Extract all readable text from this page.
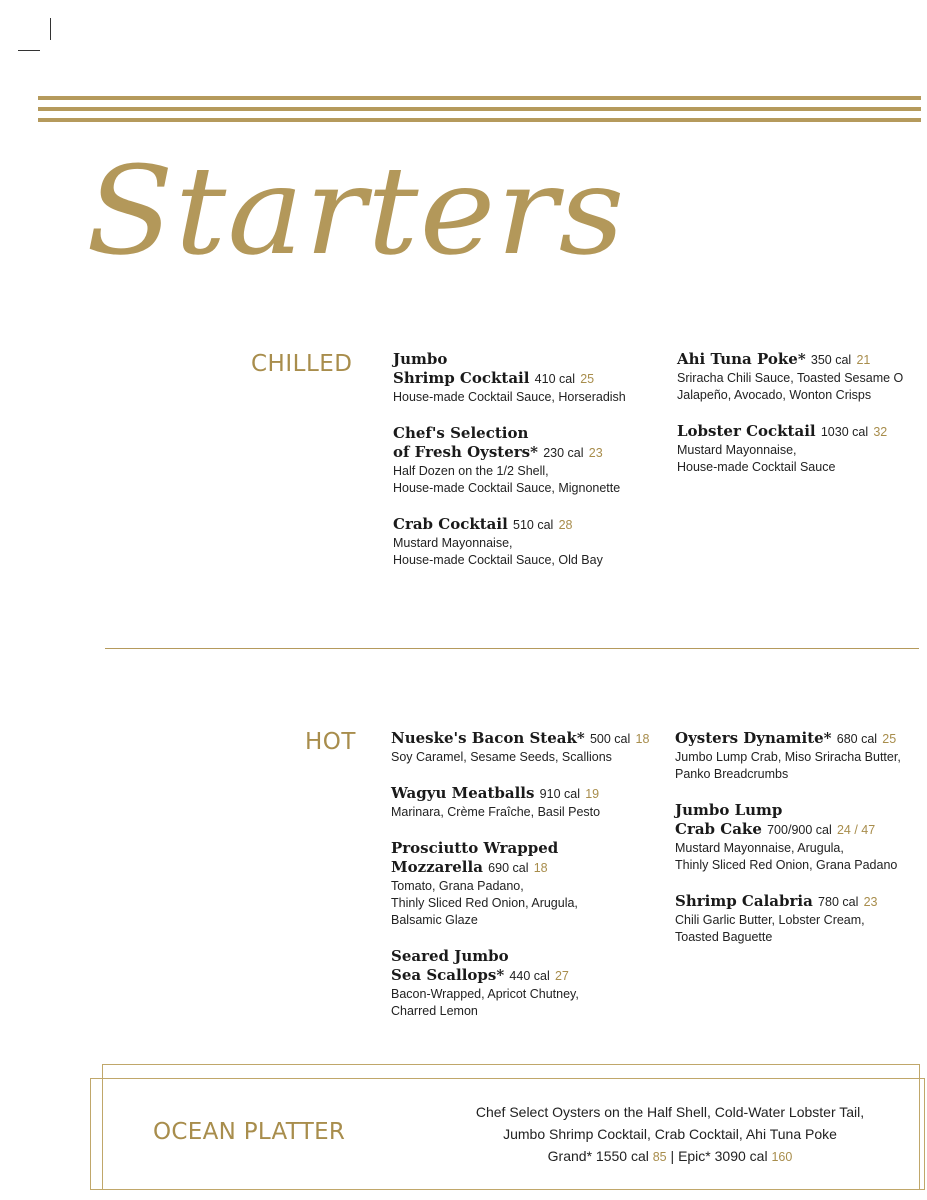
Starters
CHILLED	Jumbo
Shrimp Cocktail 410 cal 25
House-made Cocktail Sauce, Horseradish
Chef's Selection
of Fresh Oysters* 230 cal 23
Half Dozen on the 1/2 Shell,
House-made Cocktail Sauce, Mignonette
Crab Cocktail 510 cal 28
Mustard Mayonnaise,
House-made Cocktail Sauce, Old Bay
Ahi Tuna Poke* 350 cal 21
Sriracha Chili Sauce, Toasted Sesame O
Jalapeño, Avocado, Wonton Crisps
Lobster Cocktail 1030 cal 32
Mustard Mayonnaise,
House-made Cocktail Sauce
HOT Nueske's Bacon Steak* 500 cal 18
Soy Caramel, Sesame Seeds, Scallions
Wagyu Meatballs 910 cal 19
Marinara, Crème Fraîche, Basil Pesto
Prosciutto Wrapped
Mozzarella 690 cal 18
Tomato, Grana Padano,
Thinly Sliced Red Onion, Arugula,
Balsamic Glaze
Seared Jumbo
Sea Scallops* 440 cal 27
Bacon-Wrapped, Apricot Chutney,
Charred Lemon
Oysters Dynamite* 680 cal 25
Jumbo Lump Crab, Miso Sriracha Butter,
Panko Breadcrumbs
Jumbo Lump
Crab Cake 700/900 cal 24 / 47
Mustard Mayonnaise, Arugula,
Thinly Sliced Red Onion, Grana Padano
Shrimp Calabria 780 cal 23
Chili Garlic Butter, Lobster Cream,
Toasted Baguette
OCEAN PLATTER
Chef Select Oysters on the Half Shell, Cold-Water Lobster Tail,
Jumbo Shrimp Cocktail, Crab Cocktail, Ahi Tuna Poke
Grand* 1550 cal 85 | Epic* 3090 cal 160
